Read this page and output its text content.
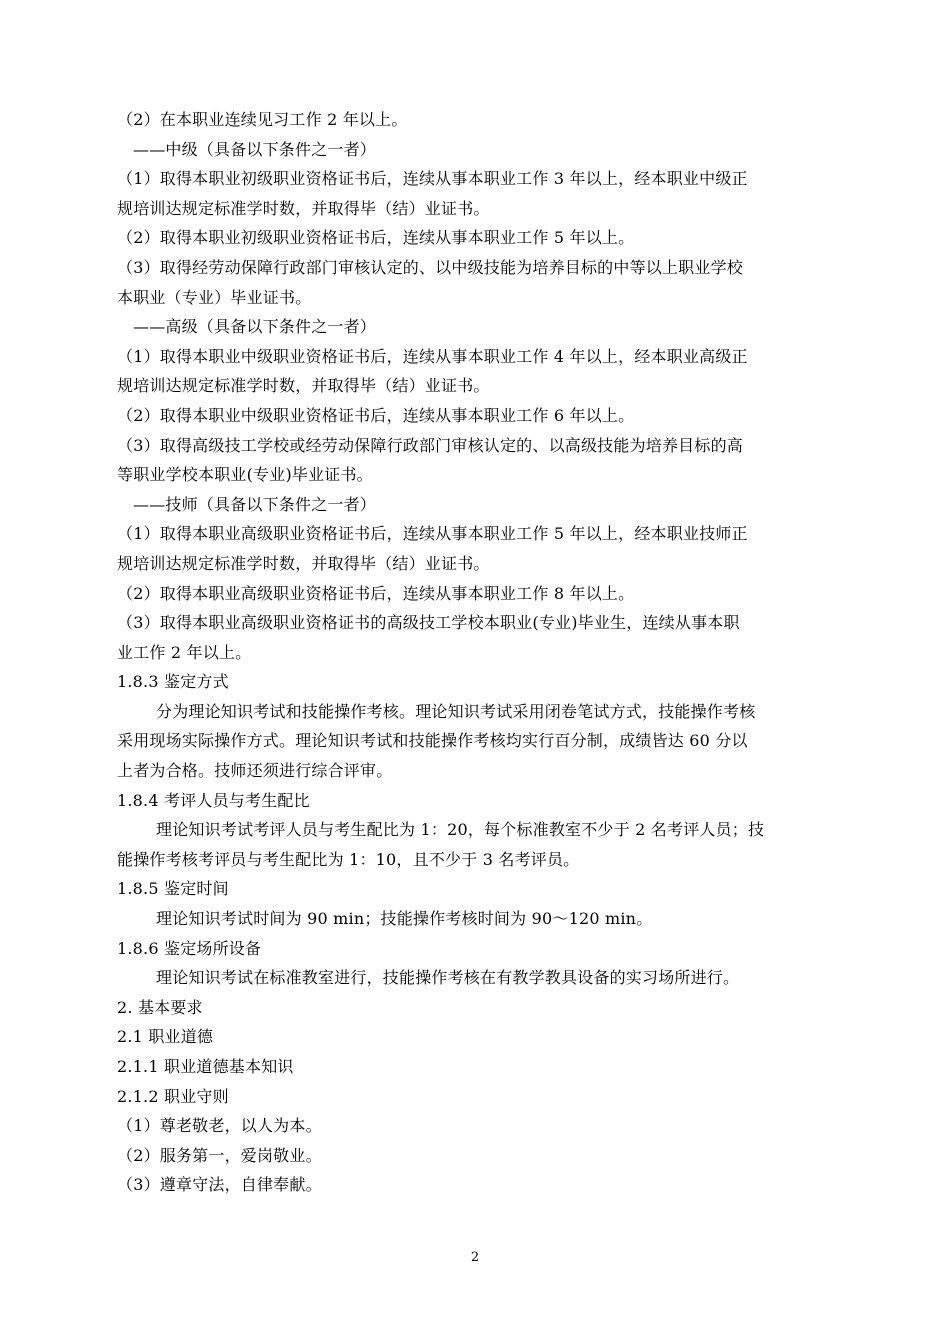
（2）在本职业连续见习工作 2 年以上。
——中级（具备以下条件之一者）
（1）取得本职业初级职业资格证书后，连续从事本职业工作 3 年以上，经本职业中级正
规培训达规定标准学时数，并取得毕（结）业证书。
（2）取得本职业初级职业资格证书后，连续从事本职业工作 5 年以上。
（3）取得经劳动保障行政部门审核认定的、以中级技能为培养目标的中等以上职业学校
本职业（专业）毕业证书。
——高级（具备以下条件之一者）
（1）取得本职业中级职业资格证书后，连续从事本职业工作 4 年以上，经本职业高级正
规培训达规定标准学时数，并取得毕（结）业证书。
（2）取得本职业中级职业资格证书后，连续从事本职业工作 6 年以上。
（3）取得高级技工学校或经劳动保障行政部门审核认定的、以高级技能为培养目标的高
等职业学校本职业(专业)毕业证书。
——技师（具备以下条件之一者）
（1）取得本职业高级职业资格证书后，连续从事本职业工作 5 年以上，经本职业技师正
规培训达规定标准学时数，并取得毕（结）业证书。
（2）取得本职业高级职业资格证书后，连续从事本职业工作 8 年以上。
（3）取得本职业高级职业资格证书的高级技工学校本职业(专业)毕业生，连续从事本职
业工作 2 年以上。
1.8.3 鉴定方式
分为理论知识考试和技能操作考核。理论知识考试采用闭卷笔试方式，技能操作考核
采用现场实际操作方式。理论知识考试和技能操作考核均实行百分制，成绩皆达 60 分以
上者为合格。技师还须进行综合评审。
1.8.4 考评人员与考生配比
理论知识考试考评人员与考生配比为 1：20，每个标准教室不少于 2 名考评人员；技
能操作考核考评员与考生配比为 1：10，且不少于 3 名考评员。
1.8.5 鉴定时间
理论知识考试时间为 90 min；技能操作考核时间为 90～120 min。
1.8.6 鉴定场所设备
理论知识考试在标准教室进行，技能操作考核在有教学教具设备的实习场所进行。
2. 基本要求
2.1 职业道德
2.1.1 职业道德基本知识
2.1.2 职业守则
（1）尊老敬老，以人为本。
（2）服务第一，爱岗敬业。
（3）遵章守法，自律奉献。
2
